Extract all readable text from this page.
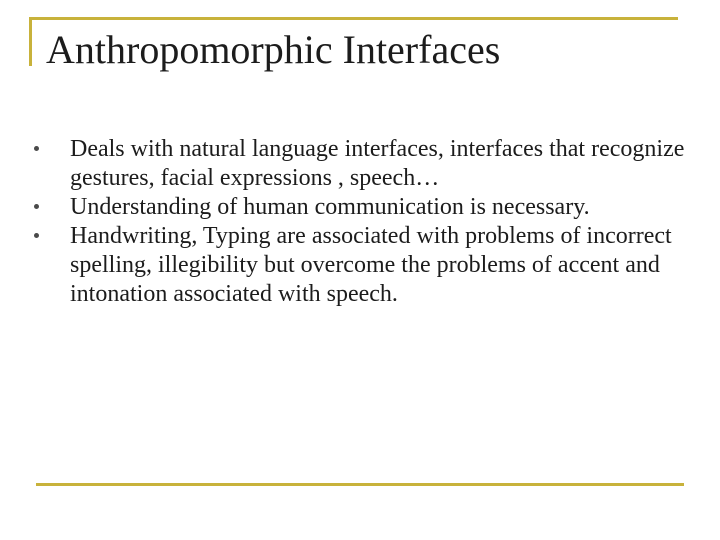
Anthropomorphic Interfaces
Deals with natural language interfaces, interfaces that recognize gestures, facial expressions , speech…
Understanding of human communication is necessary.
Handwriting, Typing are associated with problems of incorrect spelling, illegibility but overcome the problems of accent and intonation associated with speech.
